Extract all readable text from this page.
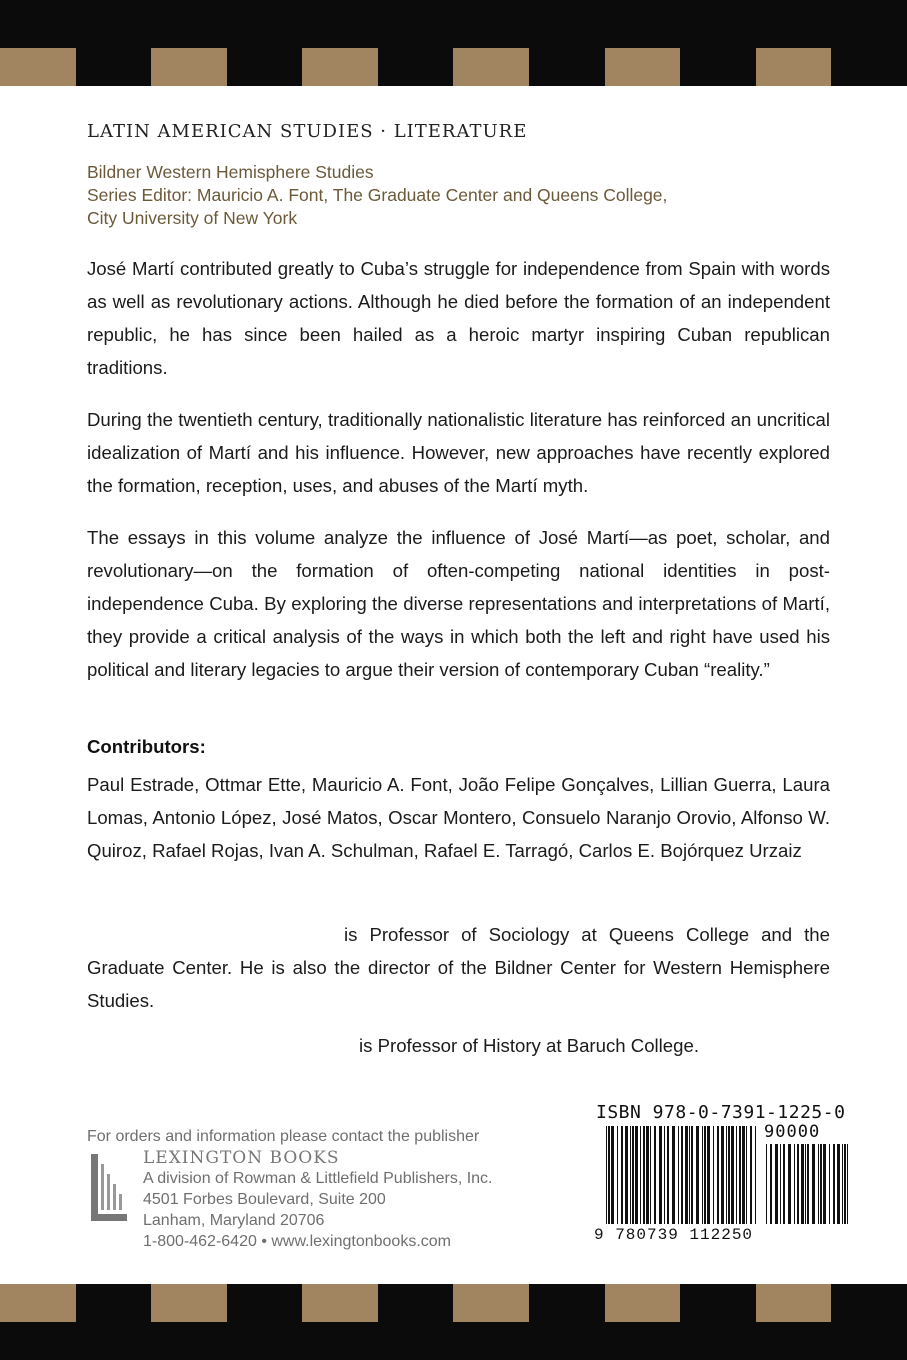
LATIN AMERICAN STUDIES · LITERATURE
Bildner Western Hemisphere Studies
Series Editor: Mauricio A. Font, The Graduate Center and Queens College,
City University of New York

José Martí contributed greatly to Cuba’s struggle for independence from Spain with words as well as revolutionary actions. Although he died before the formation of an independent republic, he has since been hailed as a heroic martyr inspiring Cuban republican traditions.

During the twentieth century, traditionally nationalistic literature has reinforced an uncritical idealization of Martí and his influence. However, new approaches have recently explored the formation, reception, uses, and abuses of the Martí myth.

The essays in this volume analyze the influence of José Martí—as poet, scholar, and revolutionary—on the formation of often-competing national identities in post-independence Cuba. By exploring the diverse representations and interpretations of Martí, they provide a critical analysis of the ways in which both the left and right have used his political and literary legacies to argue their version of contemporary Cuban “reality.”

Contributors:
Paul Estrade, Ottmar Ette, Mauricio A. Font, João Felipe Gonçalves, Lillian Guerra, Laura Lomas, Antonio López, José Matos, Oscar Montero, Consuelo Naranjo Orovio, Alfonso W. Quiroz, Rafael Rojas, Ivan A. Schulman, Rafael E. Tarragó, Carlos E. Bojórquez Urzaiz
is Professor of Sociology at Queens College and the Graduate Center. He is also the director of the Bildner Center for Western Hemisphere Studies.
is Professor of History at Baruch College.
For orders and information please contact the publisher
LEXINGTON BOOKS
A division of Rowman & Littlefield Publishers, Inc.
4501 Forbes Boulevard, Suite 200
Lanham, Maryland 20706
1-800-462-6420 • www.lexingtonbooks.com
ISBN 978-0-7391-1225-0
9 780739 112250
90000
